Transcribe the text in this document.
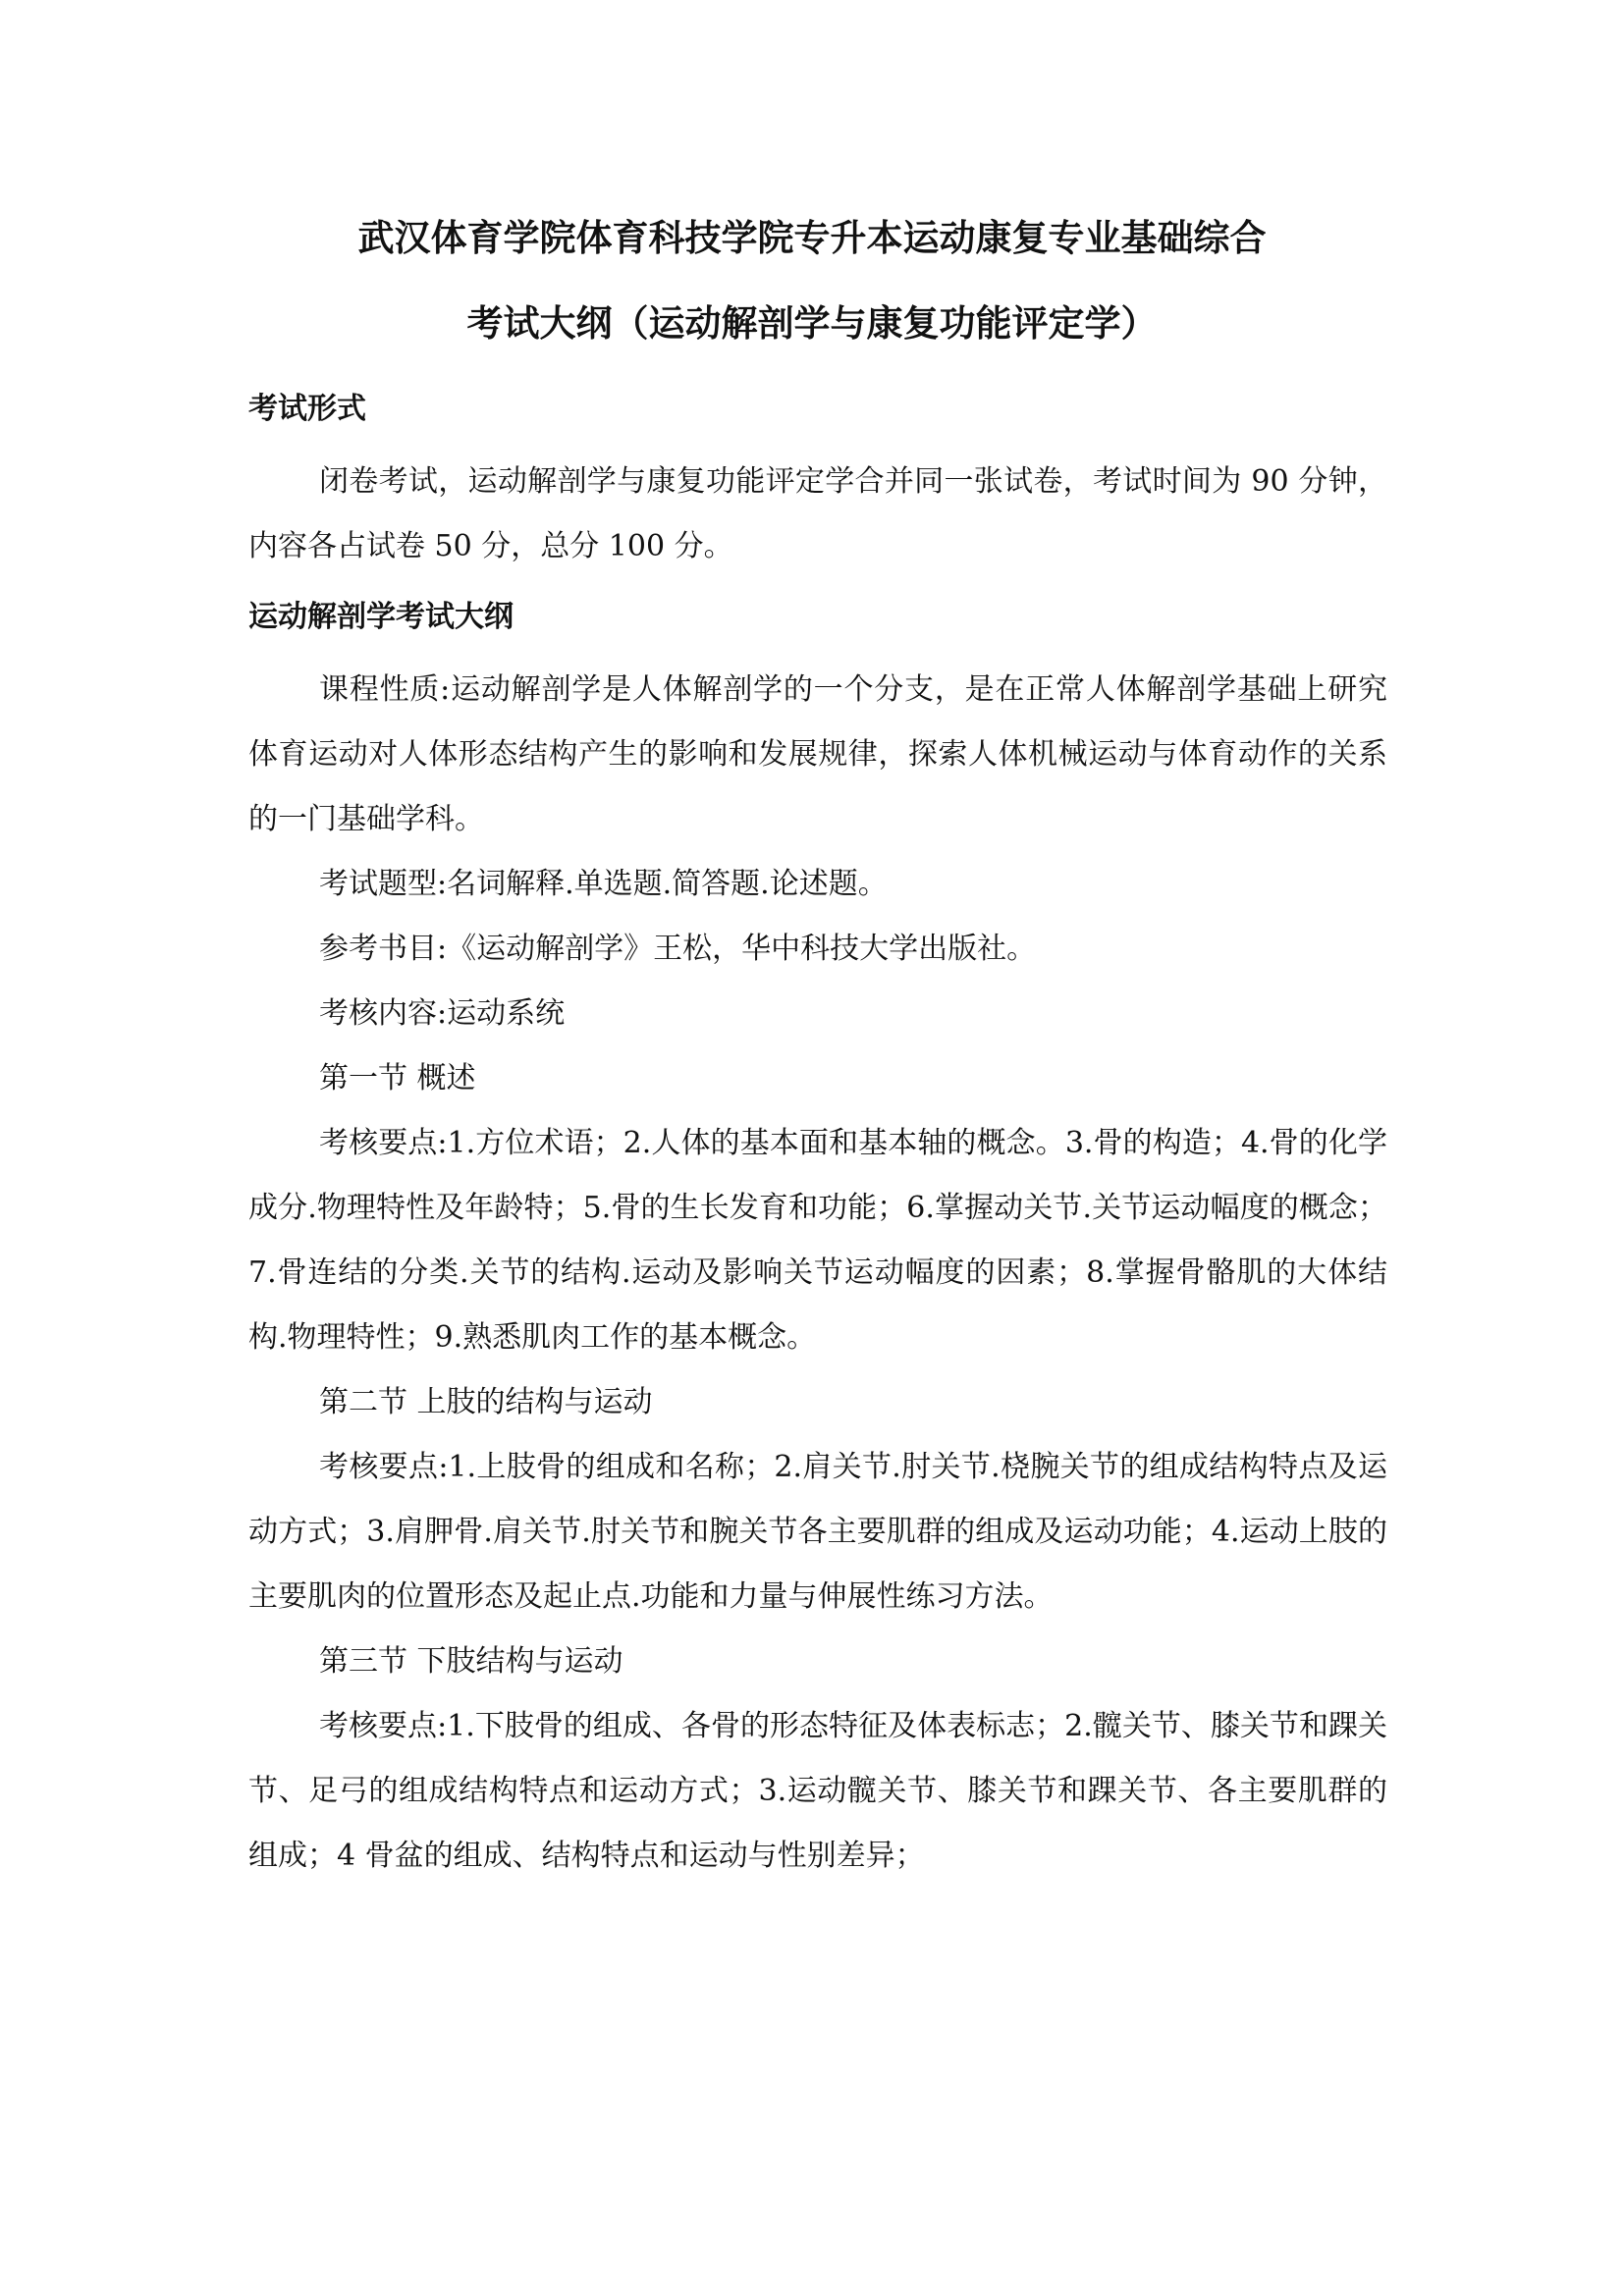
武汉体育学院体育科技学院专升本运动康复专业基础综合
考试大纲（运动解剖学与康复功能评定学）
考试形式

闭卷考试，运动解剖学与康复功能评定学合并同一张试卷，考试时间为 90 分钟，内容各占试卷 50 分，总分 100 分。

运动解剖学考试大纲

课程性质:运动解剖学是人体解剖学的一个分支，是在正常人体解剖学基础上研究体育运动对人体形态结构产生的影响和发展规律，探索人体机械运动与体育动作的关系的一门基础学科。

考试题型:名词解释.单选题.简答题.论述题。

参考书目:《运动解剖学》王松，华中科技大学出版社。

考核内容:运动系统

第一节 概述

考核要点:1.方位术语；2.人体的基本面和基本轴的概念。3.骨的构造；4.骨的化学成分.物理特性及年龄特；5.骨的生长发育和功能；6.掌握动关节.关节运动幅度的概念；7.骨连结的分类.关节的结构.运动及影响关节运动幅度的因素；8.掌握骨骼肌的大体结构.物理特性；9.熟悉肌肉工作的基本概念。

第二节 上肢的结构与运动

考核要点:1.上肢骨的组成和名称；2.肩关节.肘关节.桡腕关节的组成结构特点及运动方式；3.肩胛骨.肩关节.肘关节和腕关节各主要肌群的组成及运动功能；4.运动上肢的主要肌肉的位置形态及起止点.功能和力量与伸展性练习方法。

第三节 下肢结构与运动

考核要点:1.下肢骨的组成、各骨的形态特征及体表标志；2.髋关节、膝关节和踝关节、足弓的组成结构特点和运动方式；3.运动髋关节、膝关节和踝关节、各主要肌群的组成；4 骨盆的组成、结构特点和运动与性别差异；
